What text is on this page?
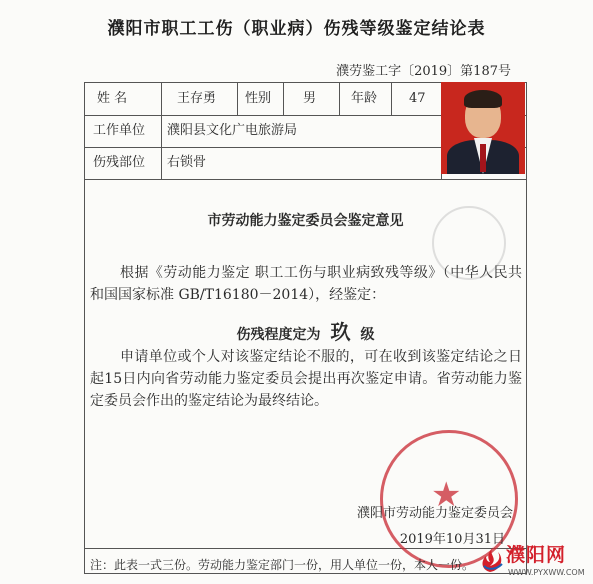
濮阳市职工工伤（职业病）伤残等级鉴定结论表
濮劳鉴工字〔2019〕第187号
姓 名	王存勇 性别 男	年龄 47
工作单位 濮阳县文化广电旅游局
伤残部位 右锁骨
市劳动能力鉴定委员会鉴定意见
根据《劳动能力鉴定 职工工伤与职业病致残等级》（中华人民共和国国家标准 GB/T16180－2014），经鉴定：
伤残程度定为 玖 级
申请单位或个人对该鉴定结论不服的，可在收到该鉴定结论之日起15日内向省劳动能力鉴定委员会提出再次鉴定申请。省劳动能力鉴定委员会作出的鉴定结论为最终结论。
★
濮阳市劳动能力鉴定委员会
2019年10月31日
注：此表一式三份。劳动能力鉴定部门一份，用人单位一份，本人一份。 濮阳网
WWW.PYXWW.COM
